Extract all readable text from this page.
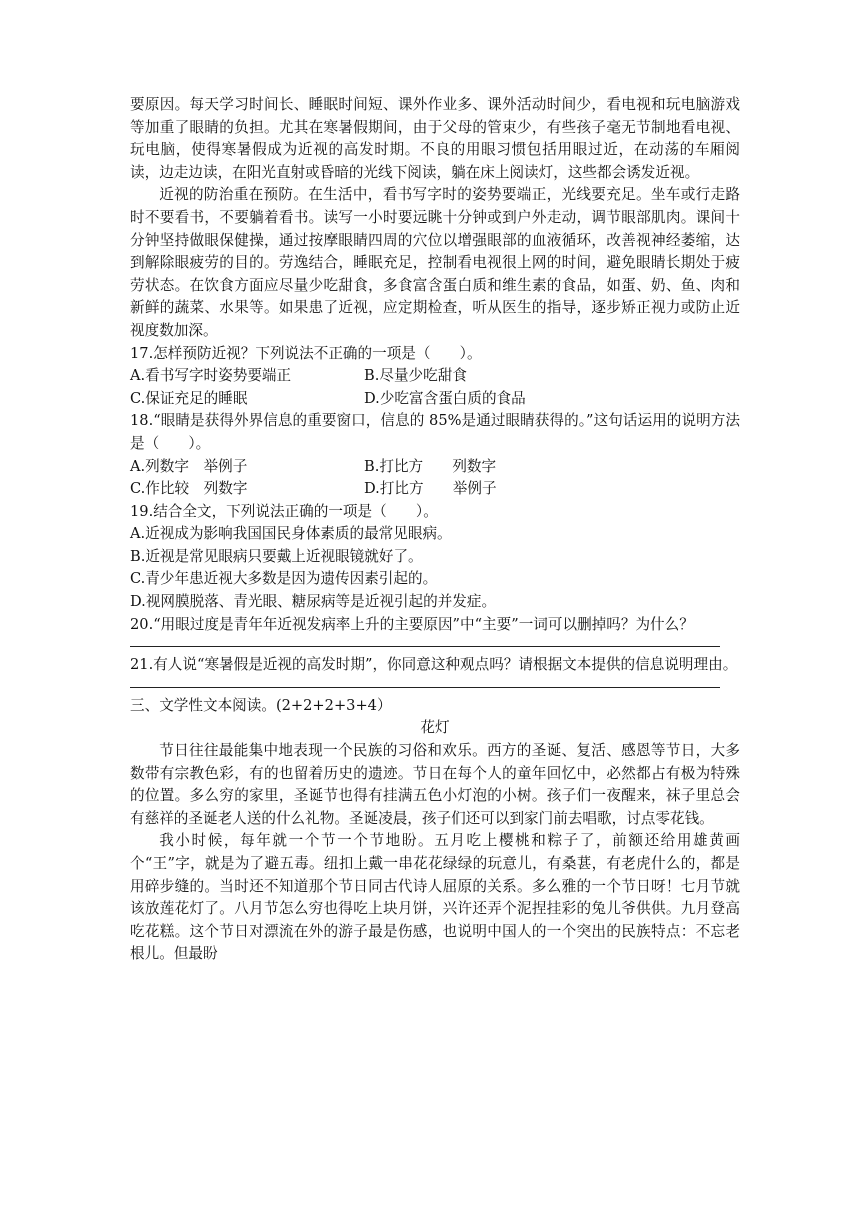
要原因。每天学习时间长、睡眠时间短、课外作业多、课外活动时间少，看电视和玩电脑游戏等加重了眼睛的负担。尤其在寒暑假期间，由于父母的管束少，有些孩子毫无节制地看电视、玩电脑，使得寒暑假成为近视的高发时期。不良的用眼习惯包括用眼过近，在动荡的车厢阅读，边走边读，在阳光直射或昏暗的光线下阅读，躺在床上阅读灯，这些都会诱发近视。

近视的防治重在预防。在生活中，看书写字时的姿势要端正，光线要充足。坐车或行走路时不要看书，不要躺着看书。读写一小时要远眺十分钟或到户外走动，调节眼部肌肉。课间十分钟坚持做眼保健操，通过按摩眼睛四周的穴位以增强眼部的血液循环，改善视神经萎缩，达到解除眼疲劳的目的。劳逸结合，睡眠充足，控制看电视很上网的时间，避免眼睛长期处于疲劳状态。在饮食方面应尽量少吃甜食，多食富含蛋白质和维生素的食品，如蛋、奶、鱼、肉和新鲜的蔬菜、水果等。如果患了近视，应定期检查，听从医生的指导，逐步矫正视力或防止近视度数加深。

17.怎样预防近视？下列说法不正确的一项是（　　）。

A.看书写字时姿势要端正	B.尽量少吃甜食
C.保证充足的睡眠	D.少吃富含蛋白质的食品

18.“眼睛是获得外界信息的重要窗口，信息的 85%是通过眼睛获得的。”这句话运用的说明方法是（　　）。

A.列数字　举例子	B.打比方　　列数字
C.作比较　列数字	D.打比方　　举例子

19.结合全文，下列说法正确的一项是（　　）。

A.近视成为影响我国国民身体素质的最常见眼病。

B.近视是常见眼病只要戴上近视眼镜就好了。

C.青少年患近视大多数是因为遗传因素引起的。

D.视网膜脱落、青光眼、糖尿病等是近视引起的并发症。

20.“用眼过度是青年年近视发病率上升的主要原因”中“主要”一词可以删掉吗？为什么？

21.有人说“寒暑假是近视的高发时期”，你同意这种观点吗？请根据文本提供的信息说明理由。

三、文学性文本阅读。(2+2+2+3+4）

花灯

节日往往最能集中地表现一个民族的习俗和欢乐。西方的圣诞、复活、感恩等节日，大多数带有宗教色彩，有的也留着历史的遗迹。节日在每个人的童年回忆中，必然都占有极为特殊的位置。多么穷的家里，圣诞节也得有挂满五色小灯泡的小树。孩子们一夜醒来，袜子里总会有慈祥的圣诞老人送的什么礼物。圣诞凌晨，孩子们还可以到家门前去唱歌，讨点零花钱。

我小时候，每年就一个节一个节地盼。五月吃上樱桃和粽子了，前额还给用雄黄画个“王”字，就是为了避五毒。纽扣上戴一串花花绿绿的玩意儿，有桑葚，有老虎什么的，都是用碎步缝的。当时还不知道那个节日同古代诗人屈原的关系。多么雅的一个节日呀！七月节就该放莲花灯了。八月节怎么穷也得吃上块月饼，兴许还弄个泥捏挂彩的兔儿爷供供。九月登高吃花糕。这个节日对漂流在外的游子最是伤感，也说明中国人的一个突出的民族特点：不忘老根儿。但最盼
